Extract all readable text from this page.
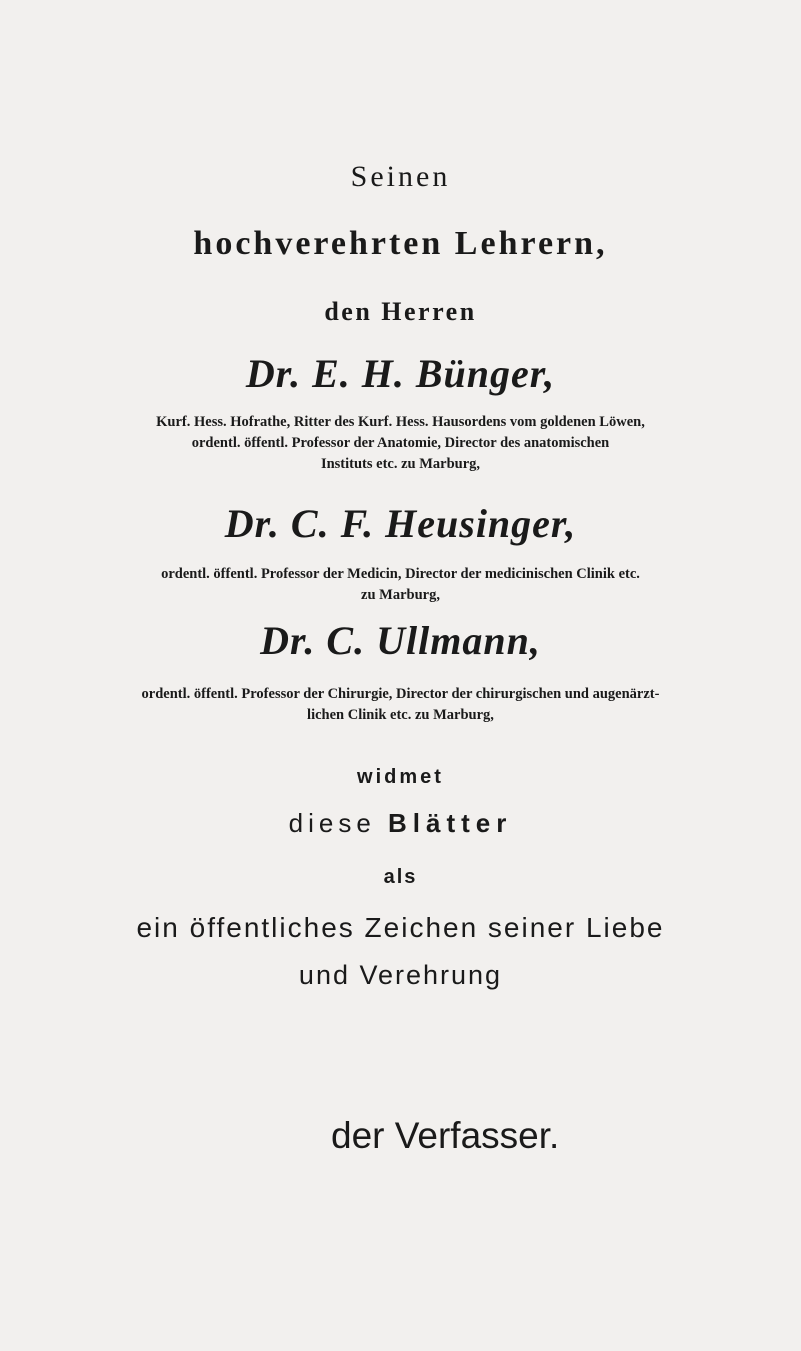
Seinen
hochverehrten Lehrern,
den Herren
Dr. E. H. Bünger,
Kurf. Hess. Hofrathe, Ritter des Kurf. Hess. Hausordens vom goldenen Löwen,
ordentl. öffentl. Professor der Anatomie, Director des anatomischen
Instituts etc. zu Marburg,
Dr. C. F. Heusinger,
ordentl. öffentl. Professor der Medicin, Director der medicinischen Clinik etc.
zu Marburg,
Dr. C. Ullmann,
ordentl. öffentl. Professor der Chirurgie, Director der chirurgischen und augenärzt-
lichen Clinik etc. zu Marburg,
widmet
diese Blätter
als
ein öffentliches Zeichen seiner Liebe
und Verehrung
der Verfasser.
